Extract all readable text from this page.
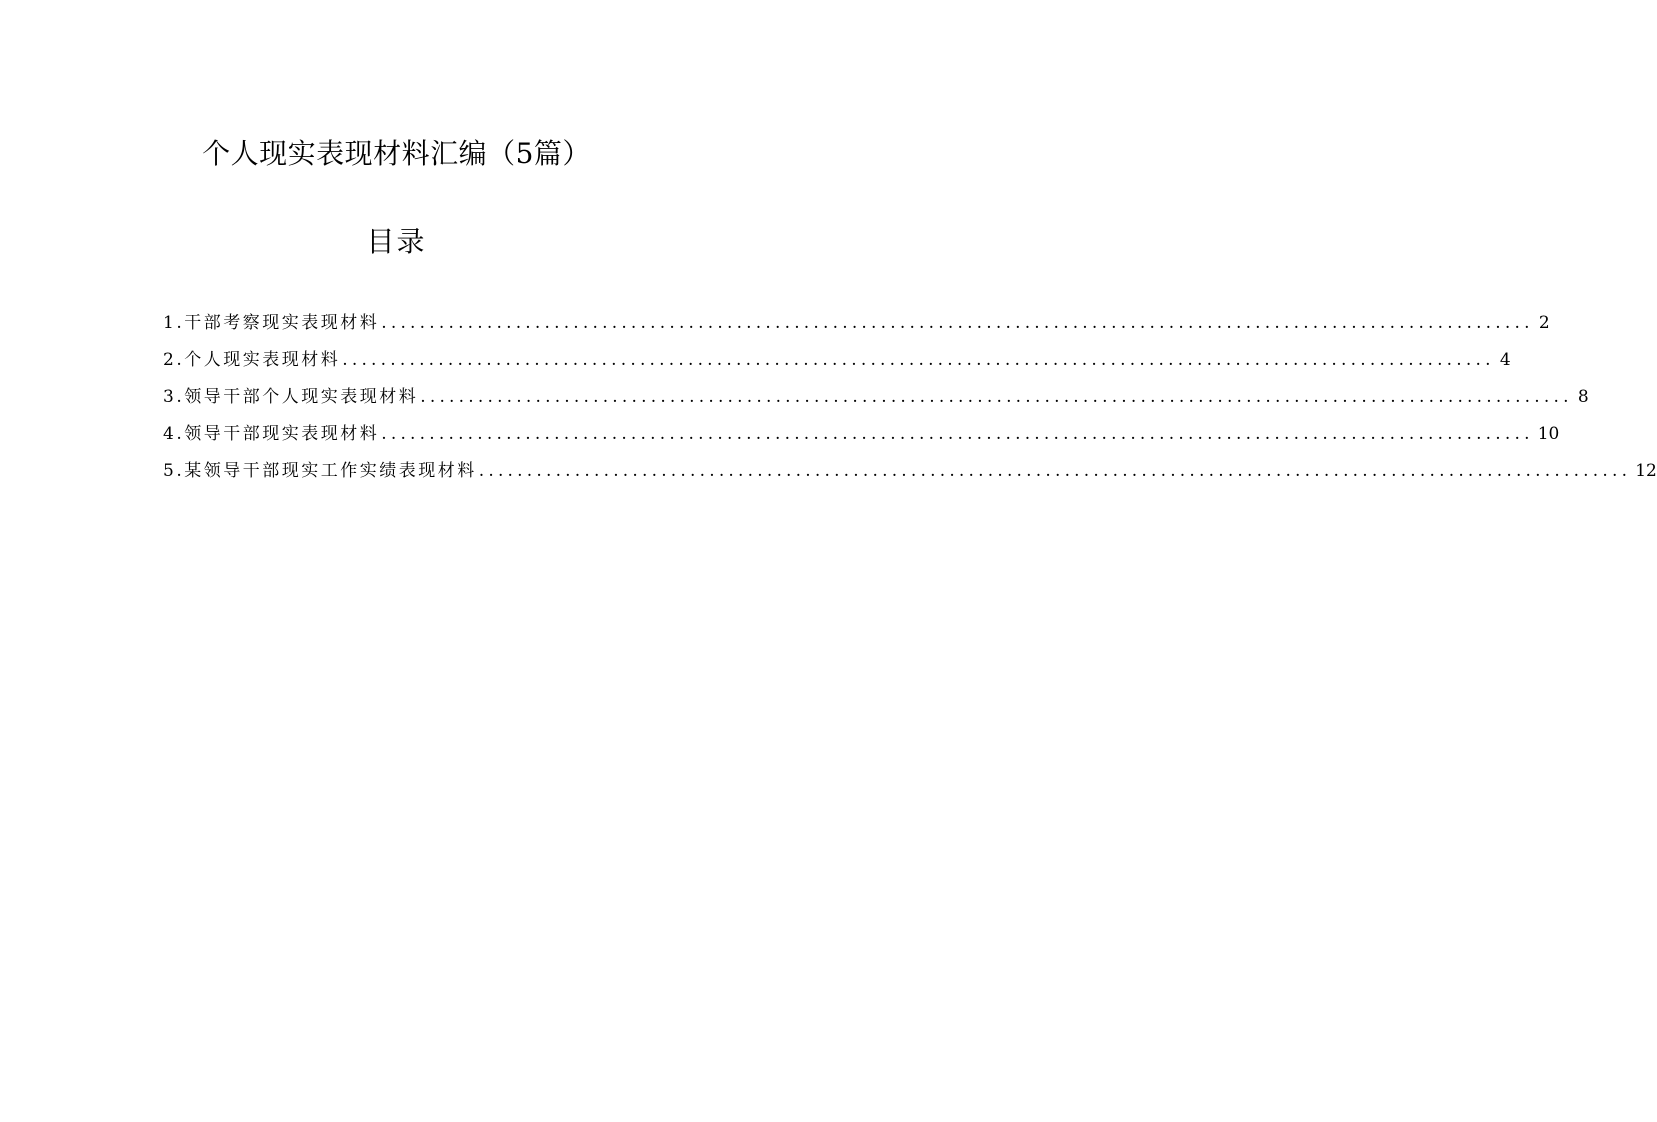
个人现实表现材料汇编（5篇）
目录
1.干部考察现实表现材料 ........................................................................................................................ 2
2.个人现实表现材料 ........................................................................................................................ 4
3.领导干部个人现实表现材料 ........................................................................................................................ 8
4.领导干部现实表现材料 ........................................................................................................................ 10
5.某领导干部现实工作实绩表现材料 ........................................................................................................................ 12
